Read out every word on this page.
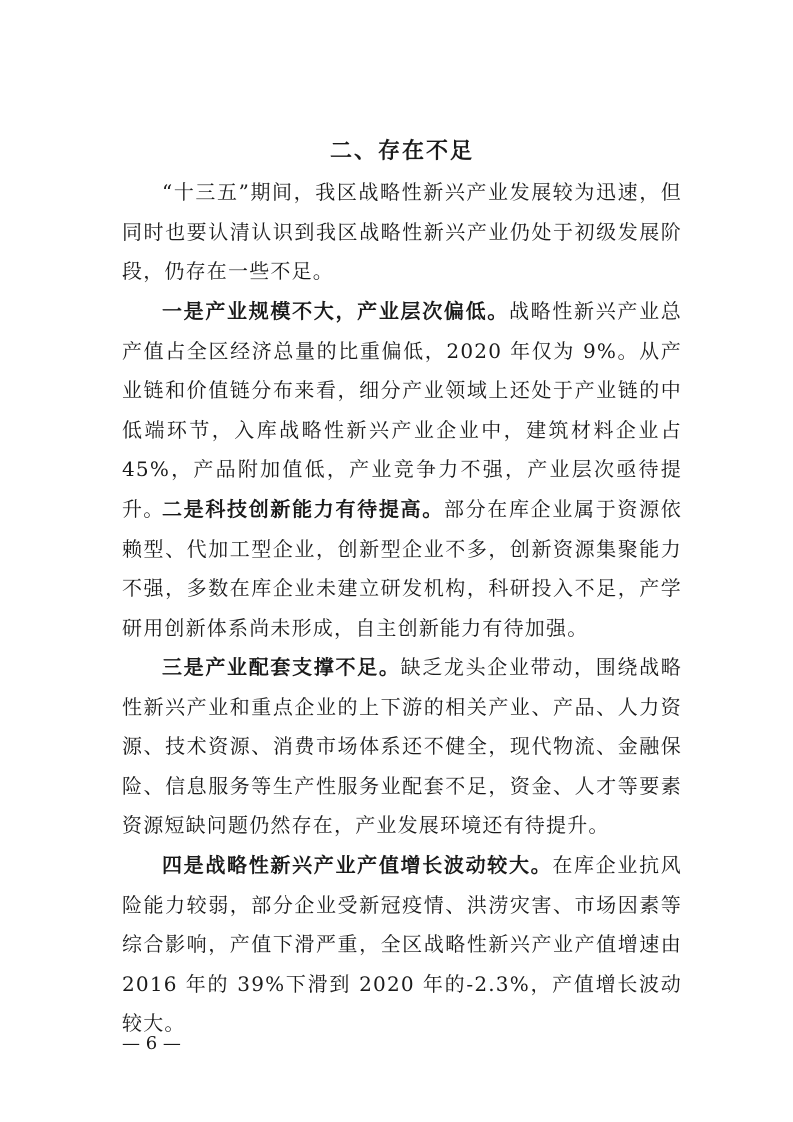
二、存在不足

“十三五”期间，我区战略性新兴产业发展较为迅速，但同时也要认清认识到我区战略性新兴产业仍处于初级发展阶段，仍存在一些不足。

一是产业规模不大，产业层次偏低。战略性新兴产业总产值占全区经济总量的比重偏低，2020 年仅为 9%。从产业链和价值链分布来看，细分产业领域上还处于产业链的中低端环节，入库战略性新兴产业企业中，建筑材料企业占 45%，产品附加值低，产业竞争力不强，产业层次亟待提升。

二是科技创新能力有待提高。部分在库企业属于资源依赖型、代加工型企业，创新型企业不多，创新资源集聚能力不强，多数在库企业未建立研发机构，科研投入不足，产学研用创新体系尚未形成，自主创新能力有待加强。

三是产业配套支撑不足。缺乏龙头企业带动，围绕战略性新兴产业和重点企业的上下游的相关产业、产品、人力资源、技术资源、消费市场体系还不健全，现代物流、金融保险、信息服务等生产性服务业配套不足，资金、人才等要素资源短缺问题仍然存在，产业发展环境还有待提升。

四是战略性新兴产业产值增长波动较大。在库企业抗风险能力较弱，部分企业受新冠疫情、洪涝灾害、市场因素等综合影响，产值下滑严重，全区战略性新兴产业产值增速由 2016 年的 39%下滑到 2020 年的-2.3%，产值增长波动较大。

— 6 —
